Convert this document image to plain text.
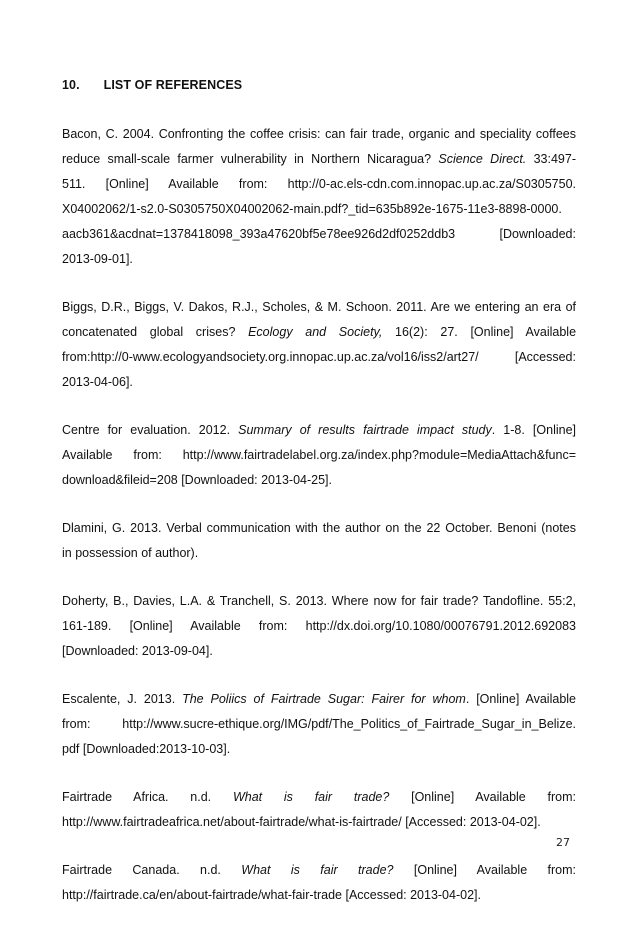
10. LIST OF REFERENCES
Bacon, C. 2004. Confronting the coffee crisis: can fair trade, organic and speciality coffees
reduce small-scale farmer vulnerability in Northern Nicaragua? Science Direct. 33:497-
511. [Online] Available from: http://0-ac.els-cdn.com.innopac.up.ac.za/S0305750.
X04002062/1-s2.0-S0305750X04002062-main.pdf?_tid=635b892e-1675-11e3-8898-0000.
aacb361&acdnat=1378418098_393a47620bf5e78ee926d2df0252ddb3 [Downloaded:
2013-09-01].
Biggs, D.R., Biggs, V. Dakos, R.J., Scholes, & M. Schoon. 2011. Are we entering an era of
concatenated global crises? Ecology and Society, 16(2): 27. [Online] Available
from:http://0-www.ecologyandsociety.org.innopac.up.ac.za/vol16/iss2/art27/ [Accessed:
2013-04-06].
Centre for evaluation. 2012. Summary of results fairtrade impact study. 1-8. [Online]
Available from: http://www.fairtradelabel.org.za/index.php?module=MediaAttach&func=
download&fileid=208 [Downloaded: 2013-04-25].
Dlamini, G. 2013. Verbal communication with the author on the 22 October. Benoni (notes
in possession of author).
Doherty, B., Davies, L.A. & Tranchell, S. 2013. Where now for fair trade? Tandofline. 55:2,
161-189. [Online] Available from: http://dx.doi.org/10.1080/00076791.2012.692083
[Downloaded: 2013-09-04].
Escalente, J. 2013. The Poliics of Fairtrade Sugar: Fairer for whom. [Online] Available
from: http://www.sucre-ethique.org/IMG/pdf/The_Politics_of_Fairtrade_Sugar_in_Belize.
pdf [Downloaded:2013-10-03].
Fairtrade Africa. n.d. What is fair trade? [Online] Available from:
http://www.fairtradeafrica.net/about-fairtrade/what-is-fairtrade/ [Accessed: 2013-04-02].
Fairtrade Canada. n.d. What is fair trade? [Online] Available from:
http://fairtrade.ca/en/about-fairtrade/what-fair-trade [Accessed: 2013-04-02].
27
